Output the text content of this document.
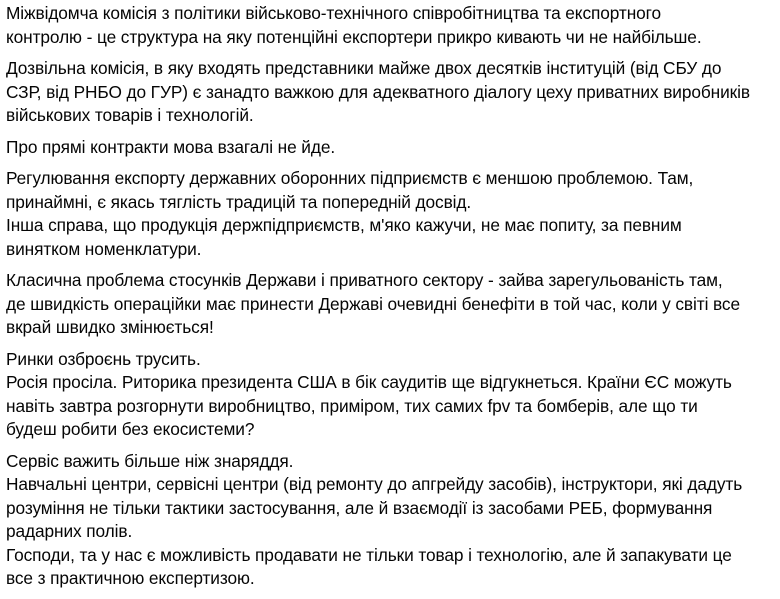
Міжвідомча комісія з політики військово-технічного співробітництва та експортного
контролю - це структура на яку потенційні експортери прикро кивають чи не найбільше.
Дозвільна комісія, в яку входять представники майже двох десятків інституцій (від СБУ до
СЗР, від РНБО до ГУР) є занадто важкою для адекватного діалогу цеху приватних виробників
військових товарів і технологій.
Про прямі контракти мова взагалі не йде.
Регулювання експорту державних оборонних підприємств є меншою проблемою. Там,
принаймні, є якась тяглість традицій та попередній досвід.
Інша справа, що продукція держпідприємств, м'яко кажучи, не має попиту, за певним
винятком номенклатури.
Класична проблема стосунків Держави і приватного сектору - зайва зарегульованість там,
де швидкість операційки має принести Державі очевидні бенефіти в той час, коли у світі все
вкрай швидко змінюється!
Ринки озброєнь трусить.
Росія просіла. Риторика президента США в бік саудитів ще відгукнеться. Країни ЄС можуть
навіть завтра розгорнути виробництво, приміром, тих самих fpv та бомберів, але що ти
будеш робити без екосистеми?
Сервіс важить більше ніж знаряддя.
Навчальні центри, сервісні центри (від ремонту до апгрейду засобів), інструктори, які дадуть
розуміння не тільки тактики застосування, але й взаємодії із засобами РЕБ, формування
радарних полів.
Господи, та у нас є можливість продавати не тільки товар і технологію, але й запакувати це
все з практичною експертизою.
